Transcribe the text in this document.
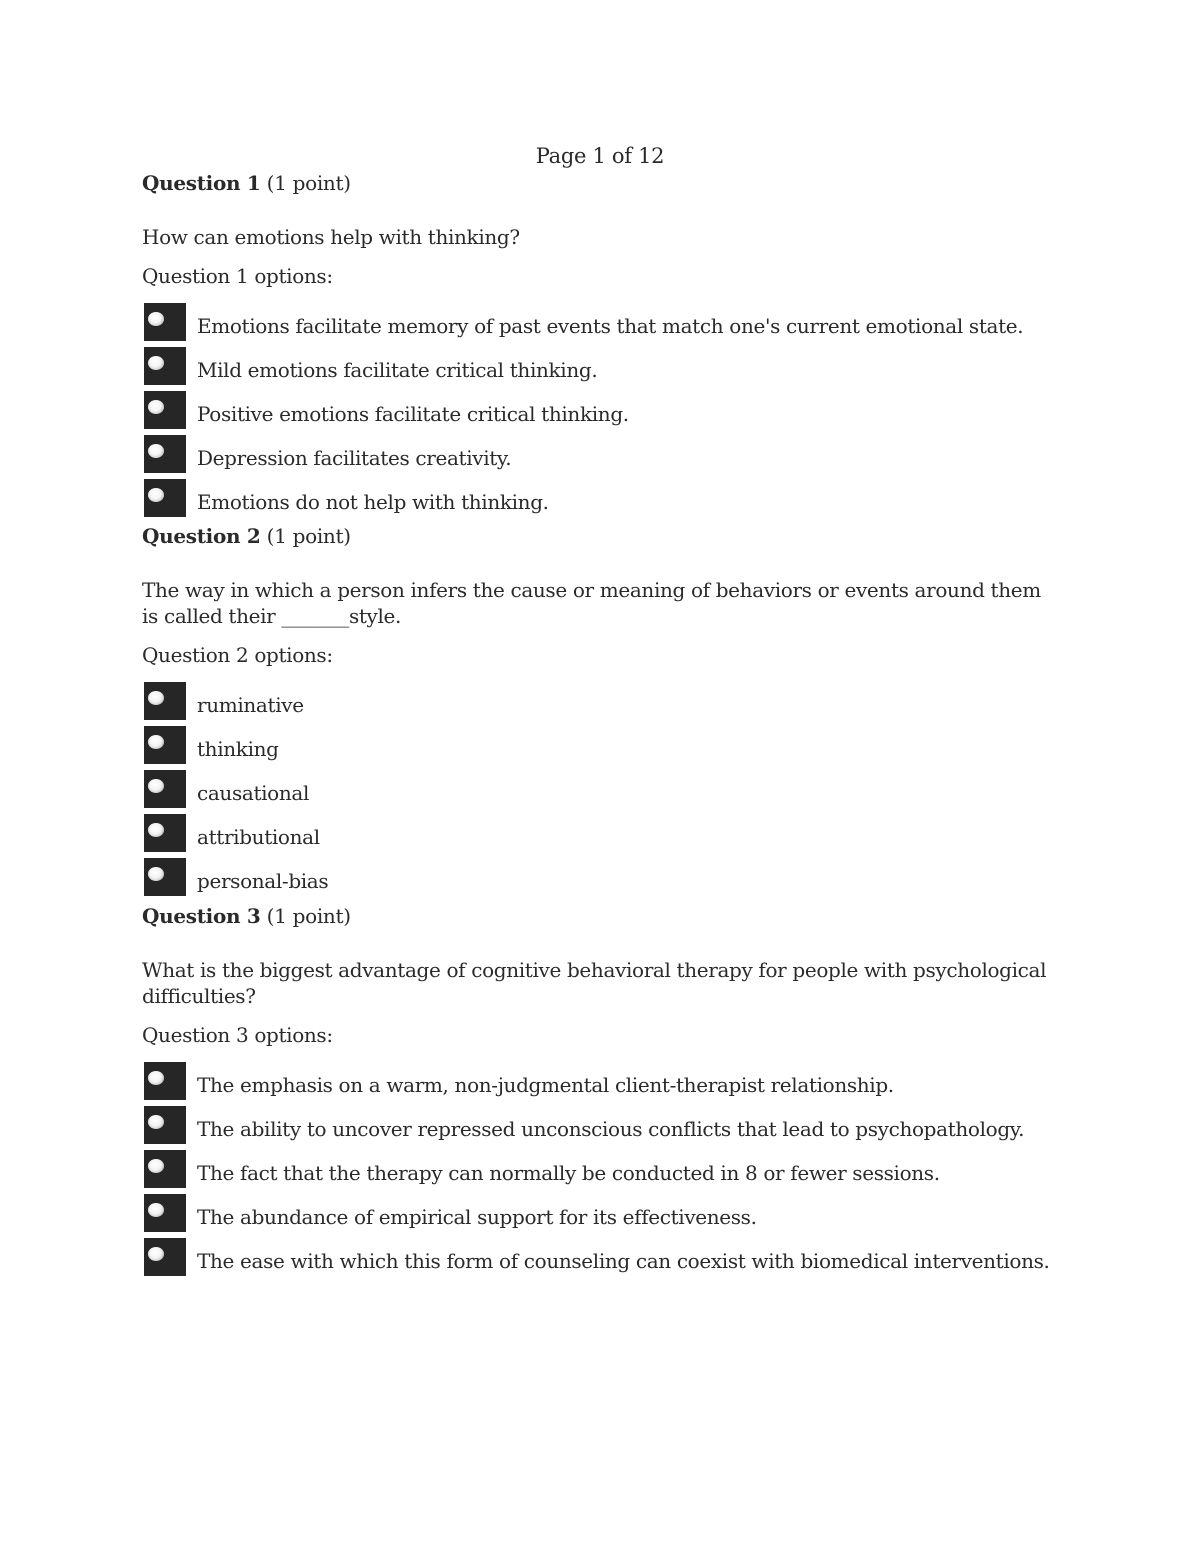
Page 1 of 12

Question 1 (1 point)

How can emotions help with thinking?

Question 1 options:

Emotions facilitate memory of past events that match one's current emotional state.
Mild emotions facilitate critical thinking.
Positive emotions facilitate critical thinking.
Depression facilitates creativity.
Emotions do not help with thinking.

Question 2 (1 point)

The way in which a person infers the cause or meaning of behaviors or events around them is called their _______style.

Question 2 options:

ruminative
thinking
causational
attributional
personal-bias

Question 3 (1 point)

What is the biggest advantage of cognitive behavioral therapy for people with psychological difficulties?

Question 3 options:

The emphasis on a warm, non-judgmental client-therapist relationship.
The ability to uncover repressed unconscious conflicts that lead to psychopathology.
The fact that the therapy can normally be conducted in 8 or fewer sessions.
The abundance of empirical support for its effectiveness.
The ease with which this form of counseling can coexist with biomedical interventions.
